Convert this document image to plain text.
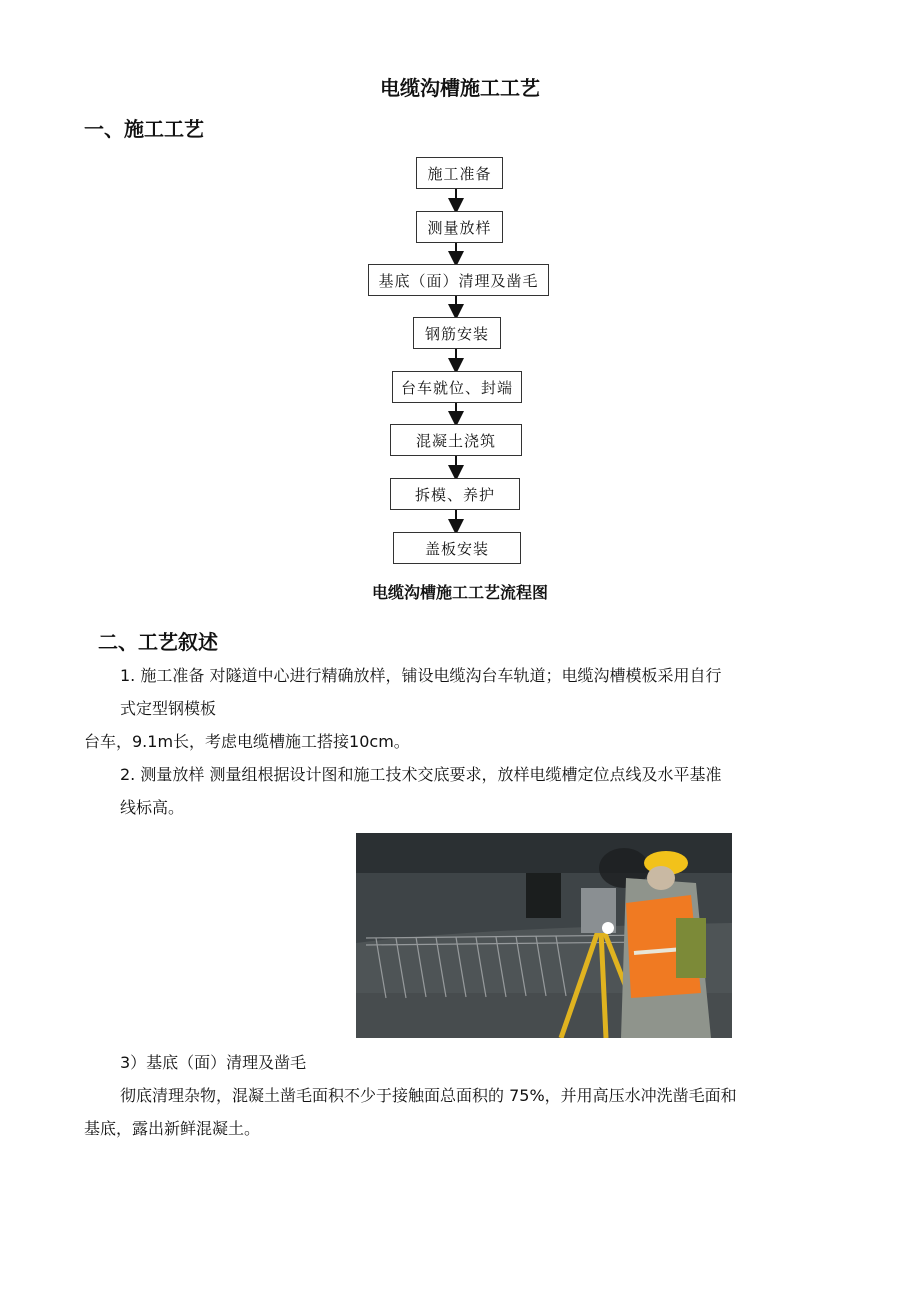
电缆沟槽施工工艺
一、施工工艺
施工准备
测量放样
基底（面）清理及凿毛
钢筋安装
台车就位、封端
混凝土浇筑
拆模、养护
盖板安装
电缆沟槽施工工艺流程图
二、工艺叙述
1. 施工准备 对隧道中心进行精确放样，铺设电缆沟台车轨道；电缆沟槽模板采用自行
式定型钢模板
台车，9.1m长，考虑电缆槽施工搭接10cm。
2. 测量放样 测量组根据设计图和施工技术交底要求，放样电缆槽定位点线及水平基准
线标高。
3）基底（面）清理及凿毛
彻底清理杂物，混凝土凿毛面积不少于接触面总面积的 75%，并用高压水冲洗凿毛面和
基底，露出新鲜混凝土。
